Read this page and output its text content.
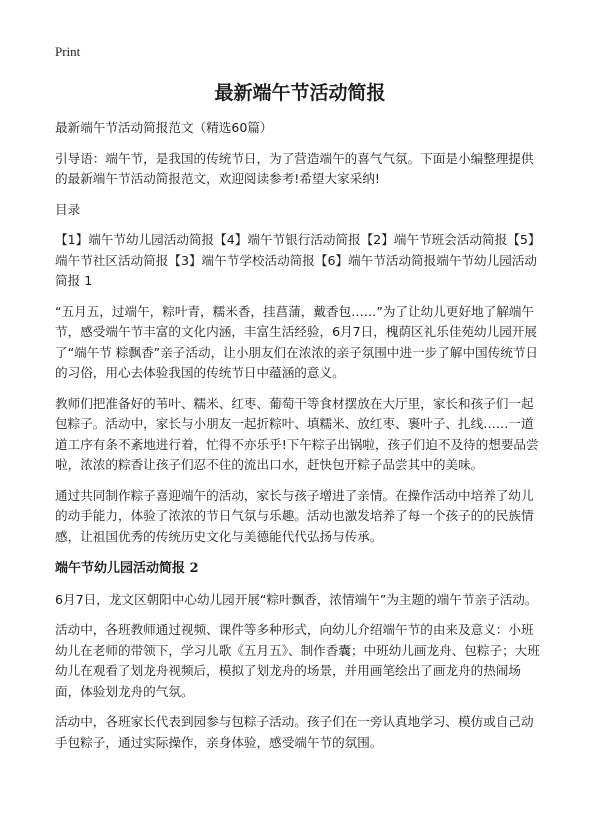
Print
最新端午节活动简报

最新端午节活动简报范文（精选60篇）

引导语：端午节，是我国的传统节日，为了营造端午的喜气气氛。下面是小编整理提供的最新端午节活动简报范文，欢迎阅读参考!希望大家采纳!

目录

【1】端午节幼儿园活动简报【4】端午节银行活动简报【2】端午节班会活动简报【5】端午节社区活动简报【3】端午节学校活动简报【6】端午节活动简报端午节幼儿园活动简报 1

“五月五，过端午，粽叶青，糯米香，挂菖蒲，戴香包……”为了让幼儿更好地了解端午节，感受端午节丰富的文化内涵，丰富生活经验，6月7日，槐荫区礼乐佳苑幼儿园开展了“端午节 粽飘香”亲子活动，让小朋友们在浓浓的亲子氛围中进一步了解中国传统节日的习俗，用心去体验我国的传统节日中蕴涵的意义。

教师们把准备好的苇叶、糯米、红枣、葡萄干等食材摆放在大厅里，家长和孩子们一起包粽子。活动中，家长与小朋友一起折粽叶、填糯米、放红枣、裹叶子、扎线……一道道工序有条不紊地进行着，忙得不亦乐乎!下午粽子出锅啦，孩子们迫不及待的想要品尝啦，浓浓的粽香让孩子们忍不住的流出口水，赶快包开粽子品尝其中的美味。

通过共同制作粽子喜迎端午的活动，家长与孩子增进了亲情。在操作活动中培养了幼儿的动手能力，体验了浓浓的节日气氛与乐趣。活动也激发培养了每一个孩子的的民族情感，让祖国优秀的传统历史文化与美德能代代弘扬与传承。

端午节幼儿园活动简报 2

6月7日，龙文区朝阳中心幼儿园开展“粽叶飘香，浓情端午”为主题的端午节亲子活动。

活动中，各班教师通过视频、课件等多种形式，向幼儿介绍端午节的由来及意义：小班幼儿在老师的带领下，学习儿歌《五月五》、制作香囊；中班幼儿画龙舟、包粽子；大班幼儿在观看了划龙舟视频后，模拟了划龙舟的场景，并用画笔绘出了画龙舟的热闹场面，体验划龙舟的气氛。

活动中，各班家长代表到园参与包粽子活动。孩子们在一旁认真地学习、模仿或自己动手包粽子，通过实际操作，亲身体验，感受端午节的氛围。
